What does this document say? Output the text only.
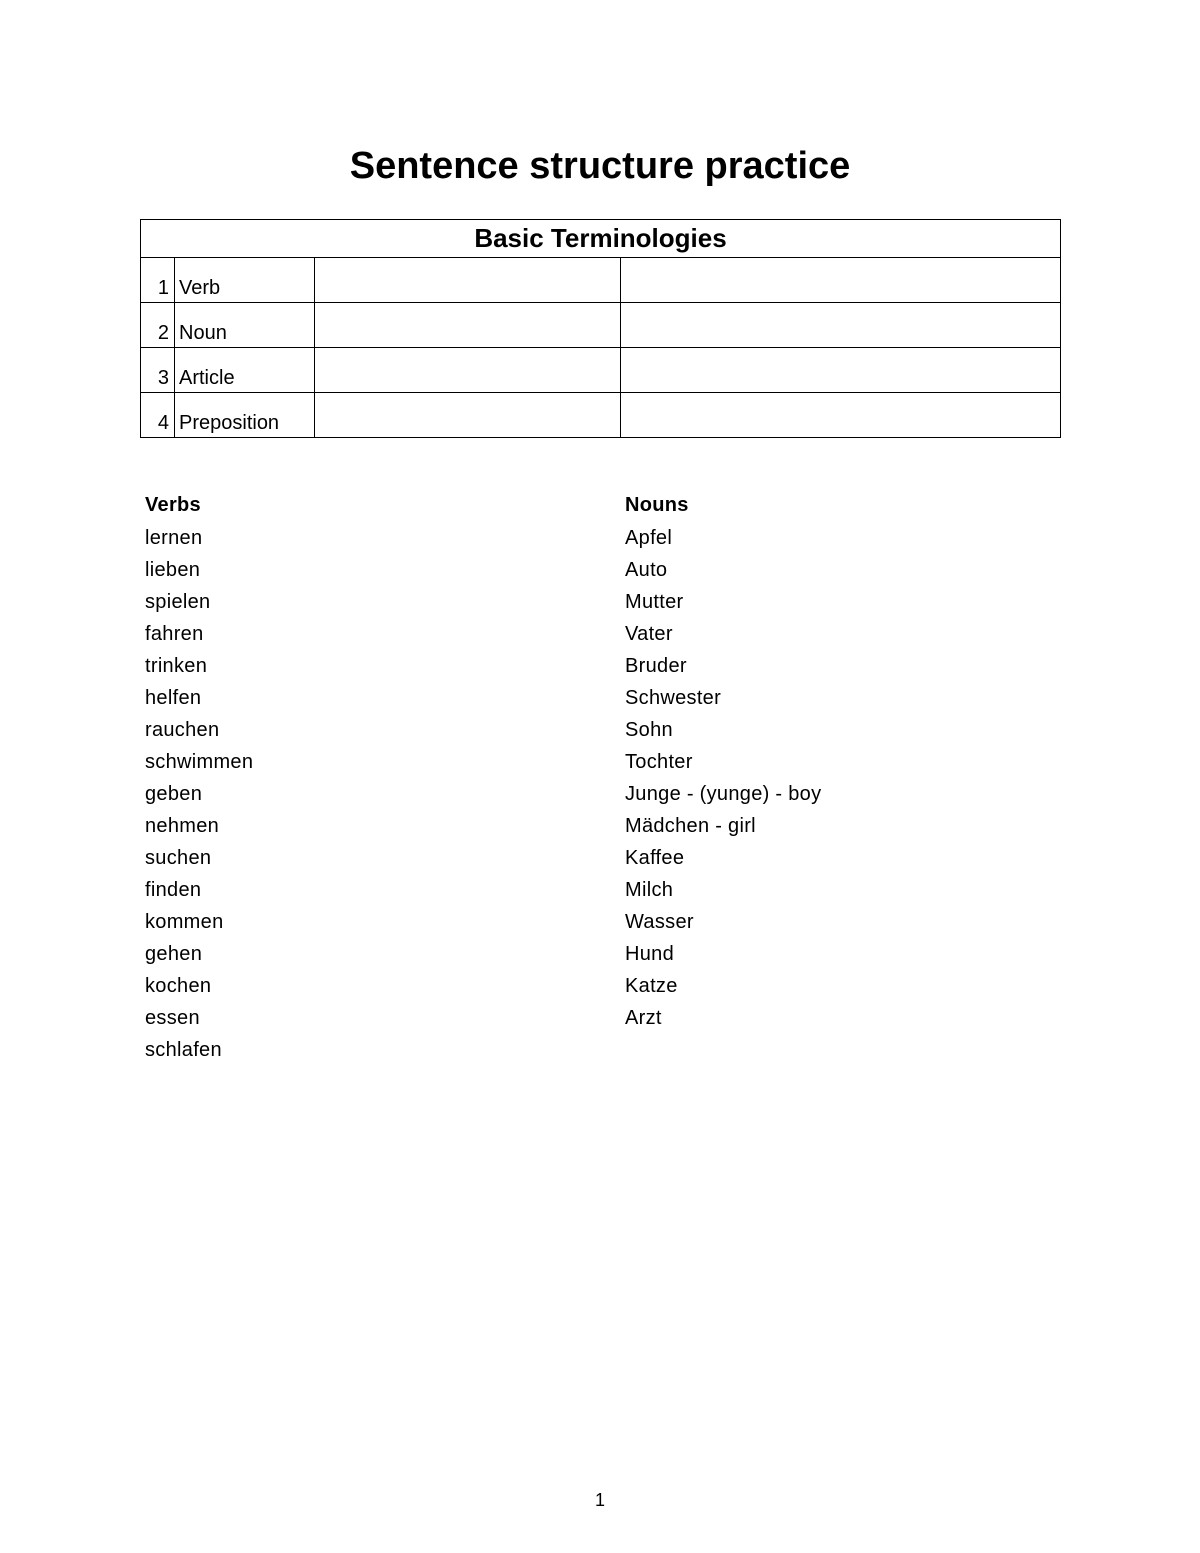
Sentence structure practice
Basic Terminologies			
1	Verb		
2	Noun		
3	Article		
4	Preposition		
Verbs
lernen
lieben
spielen
fahren
trinken
helfen
rauchen
schwimmen
geben
nehmen
suchen
finden
kommen
gehen
kochen
essen
schlafen
Nouns
Apfel
Auto
Mutter
Vater
Bruder
Schwester
Sohn
Tochter
Junge - (yunge) - boy
Mädchen - girl
Kaffee
Milch
Wasser
Hund
Katze
Arzt
1
